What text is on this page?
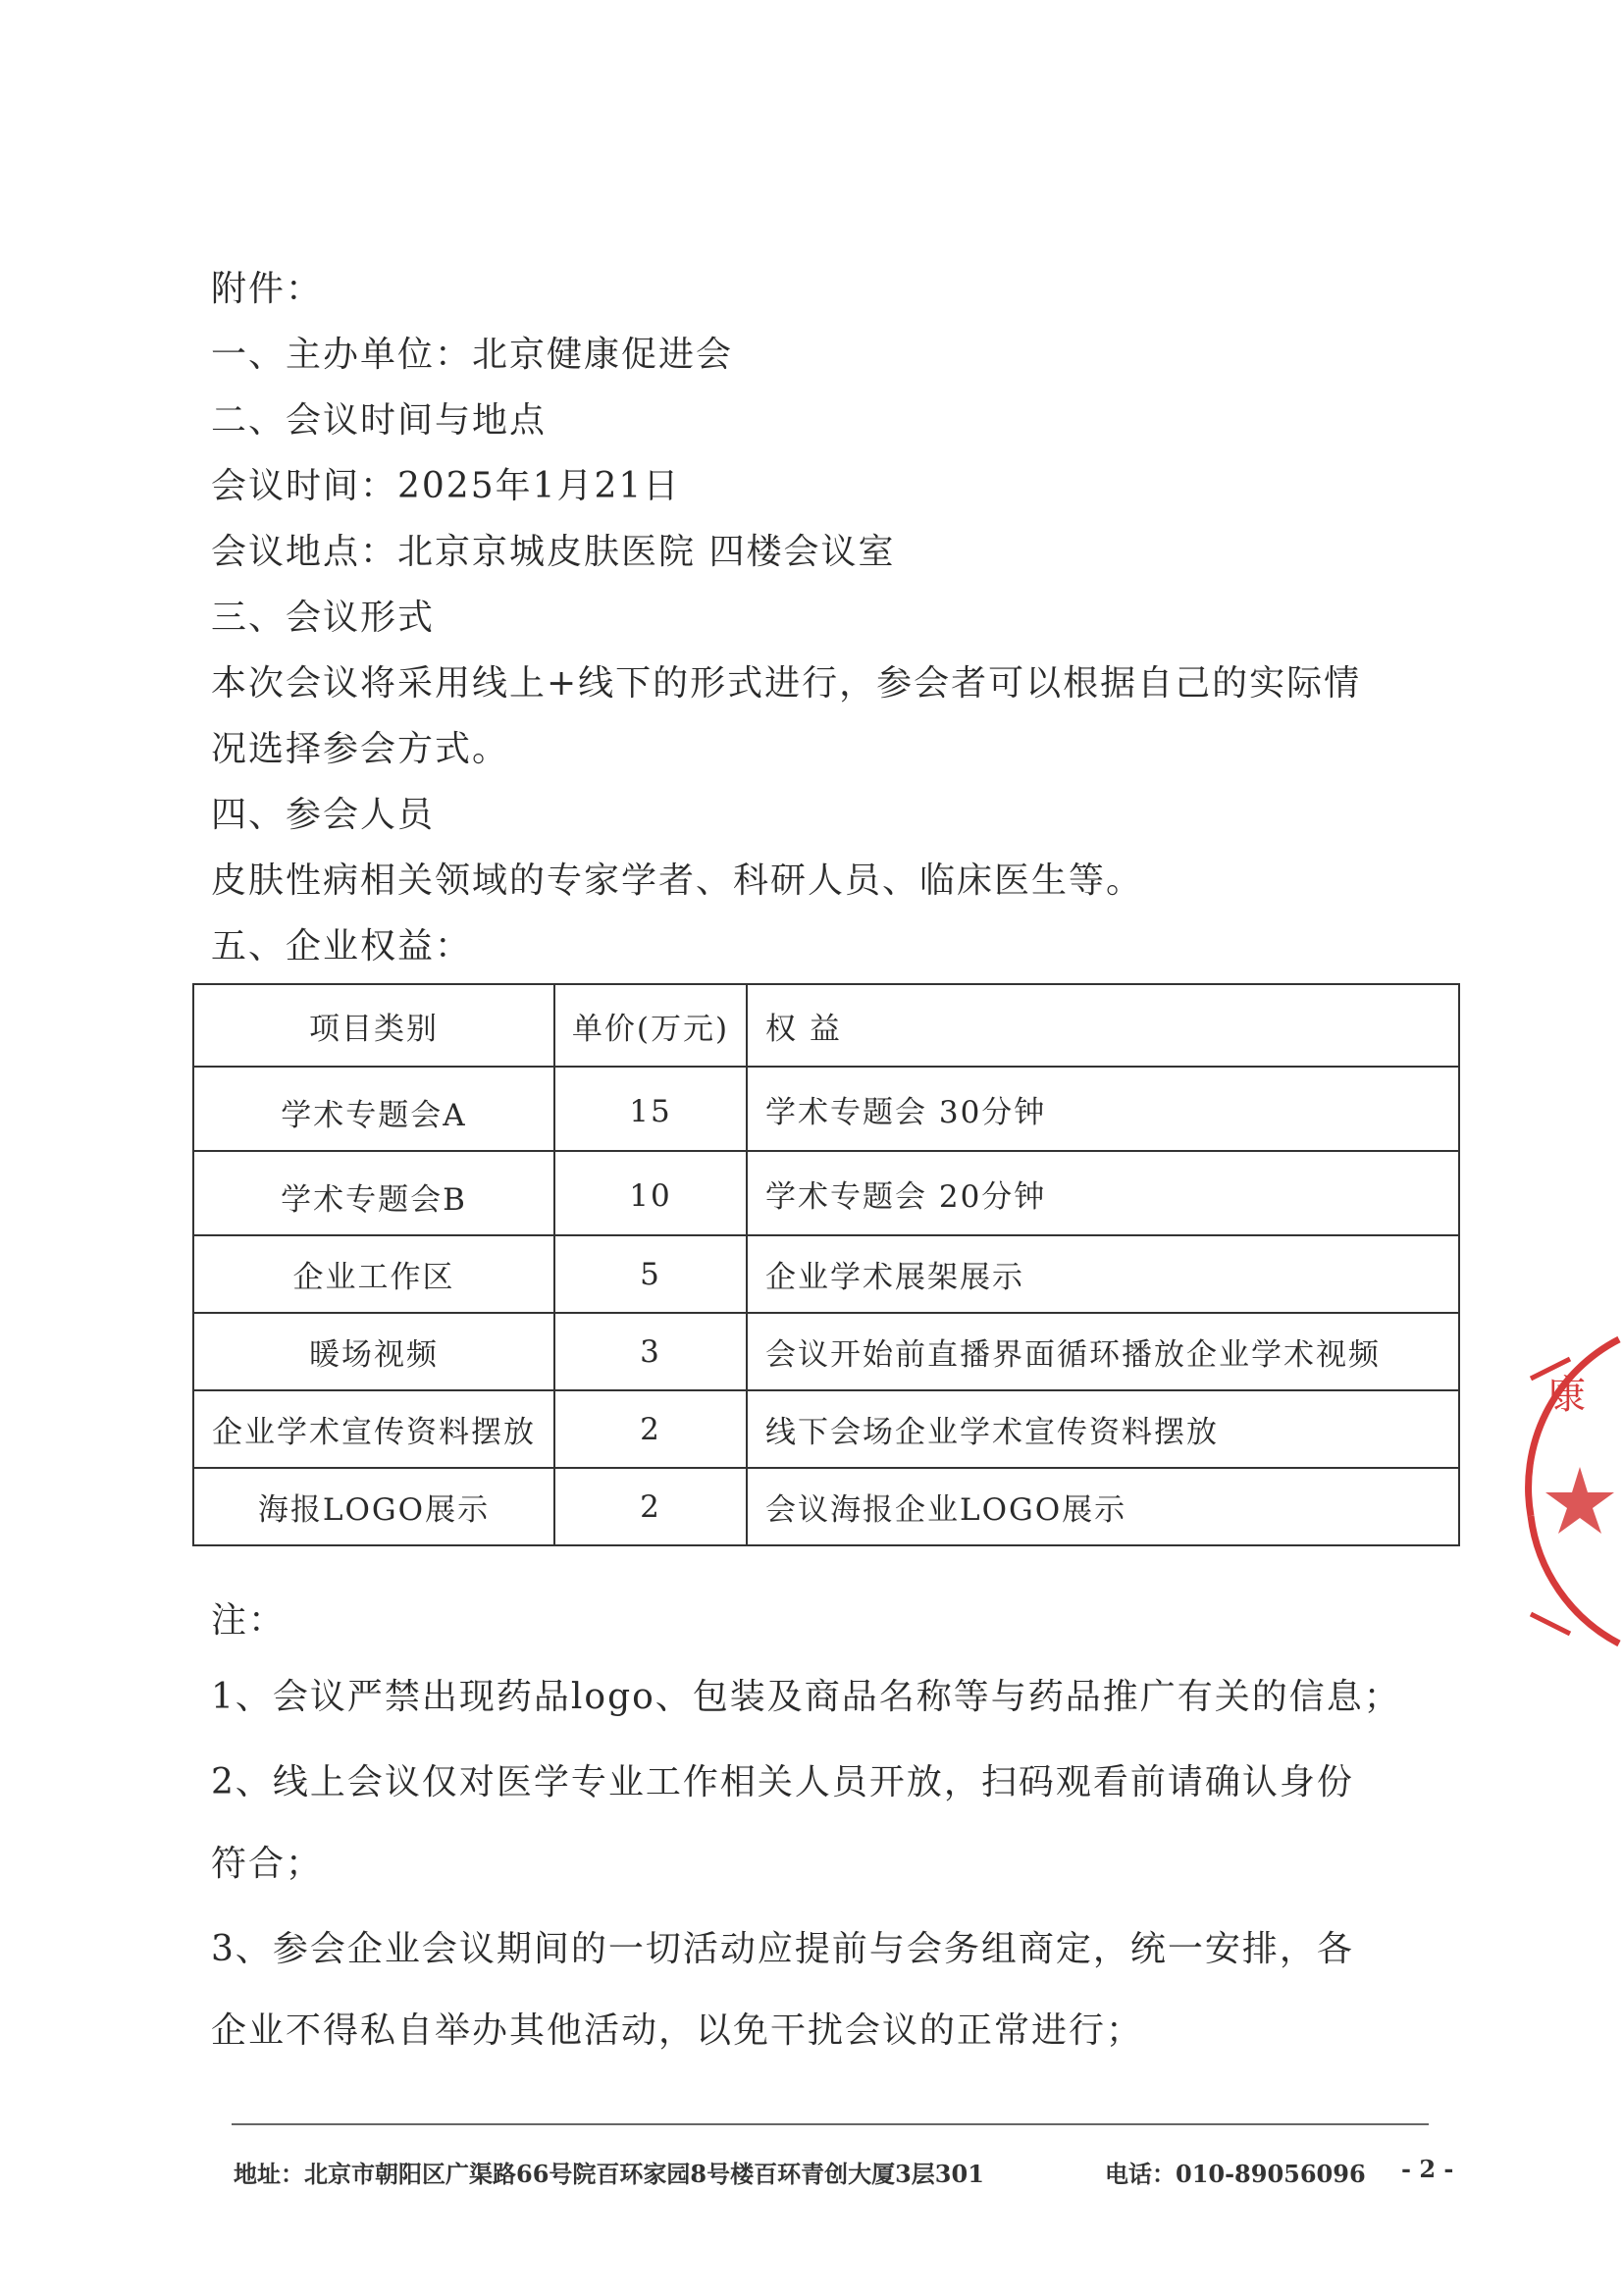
附件：
一、主办单位：北京健康促进会
二、会议时间与地点
会议时间：2025年1月21日
会议地点：北京京城皮肤医院 四楼会议室
三、会议形式
本次会议将采用线上+线下的形式进行，参会者可以根据自己的实际情
况选择参会方式。
四、参会人员
皮肤性病相关领域的专家学者、科研人员、临床医生等。
五、企业权益：
项目类别	单价(万元)	权 益
学术专题会A	15	学术专题会 30分钟
学术专题会B	10	学术专题会 20分钟
企业工作区	5	企业学术展架展示
暖场视频	3	会议开始前直播界面循环播放企业学术视频
企业学术宣传资料摆放	2	线下会场企业学术宣传资料摆放
海报LOGO展示	2	会议海报企业LOGO展示
注：
1、会议严禁出现药品logo、包装及商品名称等与药品推广有关的信息；
2、线上会议仅对医学专业工作相关人员开放，扫码观看前请确认身份
符合；
3、参会企业会议期间的一切活动应提前与会务组商定，统一安排，各
企业不得私自举办其他活动，以免干扰会议的正常进行；
地址：北京市朝阳区广渠路66号院百环家园8号楼百环青创大厦3层301	电话：010-89056096 - 2 -
康
